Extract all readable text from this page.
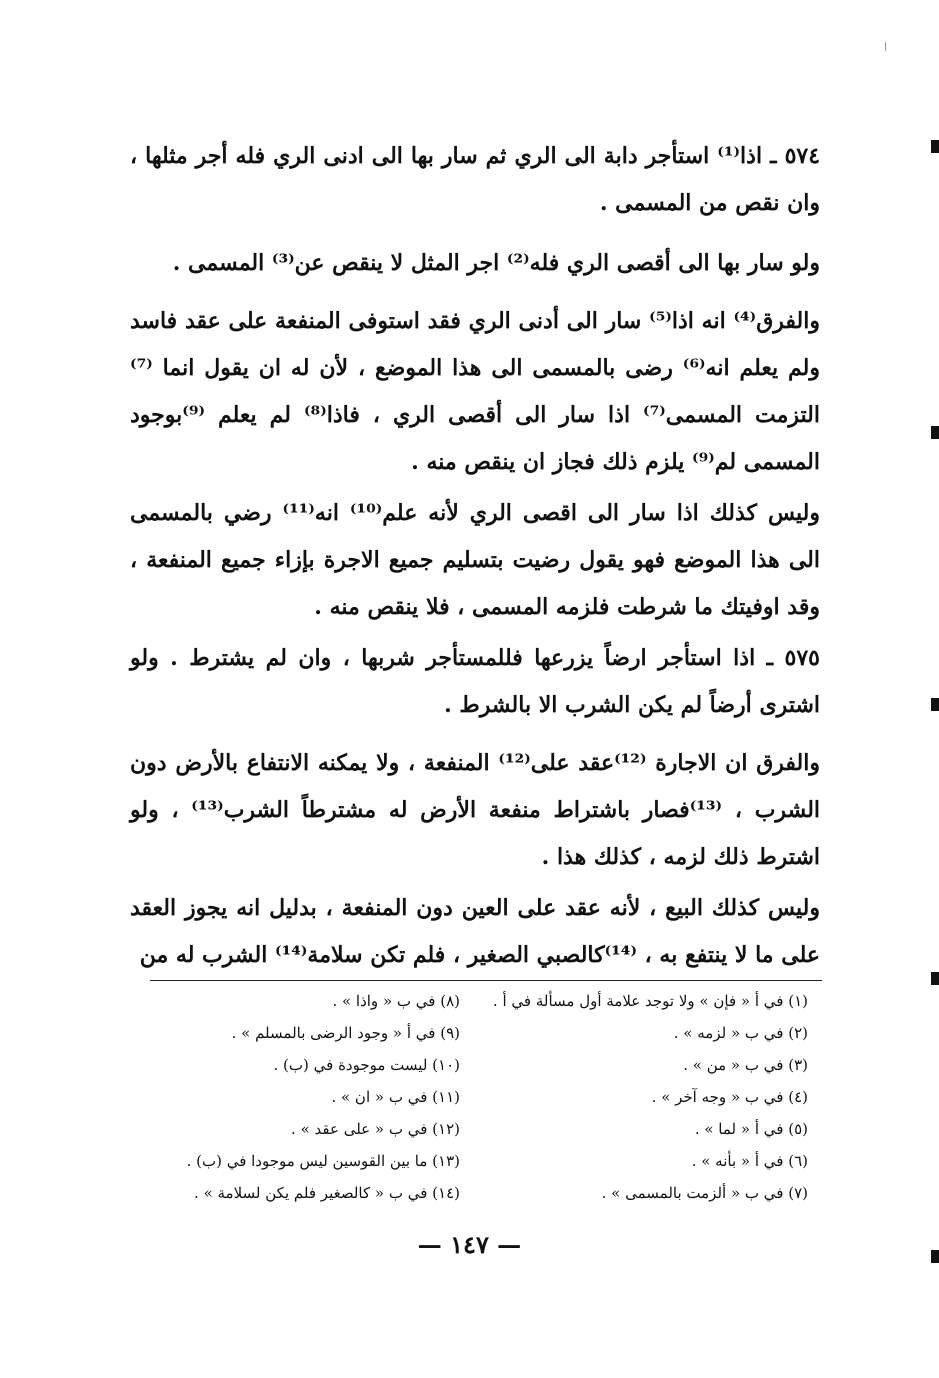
٥٧٤ ـ اذا⁽¹⁾ استأجر دابة الى الري ثم سار بها الى ادنى الري فله أجر مثلها ، وان نقص من المسمى .

ولو سار بها الى أقصى الري فله⁽²⁾ اجر المثل لا ينقص عن⁽³⁾ المسمى .

والفرق⁽⁴⁾ انه اذا⁽⁵⁾ سار الى أدنى الري فقد استوفى المنفعة على عقد فاسد ولم يعلم انه⁽⁶⁾ رضى بالمسمى الى هذا الموضع ، لأن له ان يقول انما ⁽⁷⁾التزمت المسمى⁽⁷⁾ اذا سار الى أقصى الري ، فاذا⁽⁸⁾ لم يعلم ⁽⁹⁾بوجود المسمى لم⁽⁹⁾ يلزم ذلك فجاز ان ينقص منه .

وليس كذلك اذا سار الى اقصى الري لأنه علم⁽¹⁰⁾ انه⁽¹¹⁾ رضي بالمسمى الى هذا الموضع فهو يقول رضيت بتسليم جميع الاجرة بإزاء جميع المنفعة ، وقد اوفيتك ما شرطت فلزمه المسمى ، فلا ينقص منه .

٥٧٥ ـ اذا استأجر ارضاً يزرعها فللمستأجر شربها ، وان لم يشترط . ولو اشترى أرضاً لم يكن الشرب الا بالشرط .

والفرق ان الاجارة ⁽¹²⁾عقد على⁽¹²⁾ المنفعة ، ولا يمكنه الانتفاع بالأرض دون الشرب ، ⁽¹³⁾فصار باشتراط منفعة الأرض له مشترطاً الشرب⁽¹³⁾ ، ولو اشترط ذلك لزمه ، كذلك هذا .

وليس كذلك البيع ، لأنه عقد على العين دون المنفعة ، بدليل انه يجوز العقد على ما لا ينتفع به ، ⁽¹⁴⁾كالصبي الصغير ، فلم تكن سلامة⁽¹⁴⁾ الشرب له من

(١) في أ « فإن » ولا توجد علامة أول مسألة في أ .

(٢) في ب « لزمه » .

(٣) في ب « من » .

(٤) في ب « وجه آخر » .

(٥) في أ « لما » .

(٦) في أ « بأنه » .

(٧) في ب « ألزمت بالمسمى » .

(٨) في ب « واذا » .

(٩) في أ « وجود الرضى بالمسلم » .

(١٠) ليست موجودة في (ب) .

(١١) في ب « ان » .

(١٢) في ب « على عقد » .

(١٣) ما بين القوسين ليس موجودا في (ب) .

(١٤) في ب « كالصغير فلم يكن لسلامة » .

— ١٤٧ —
